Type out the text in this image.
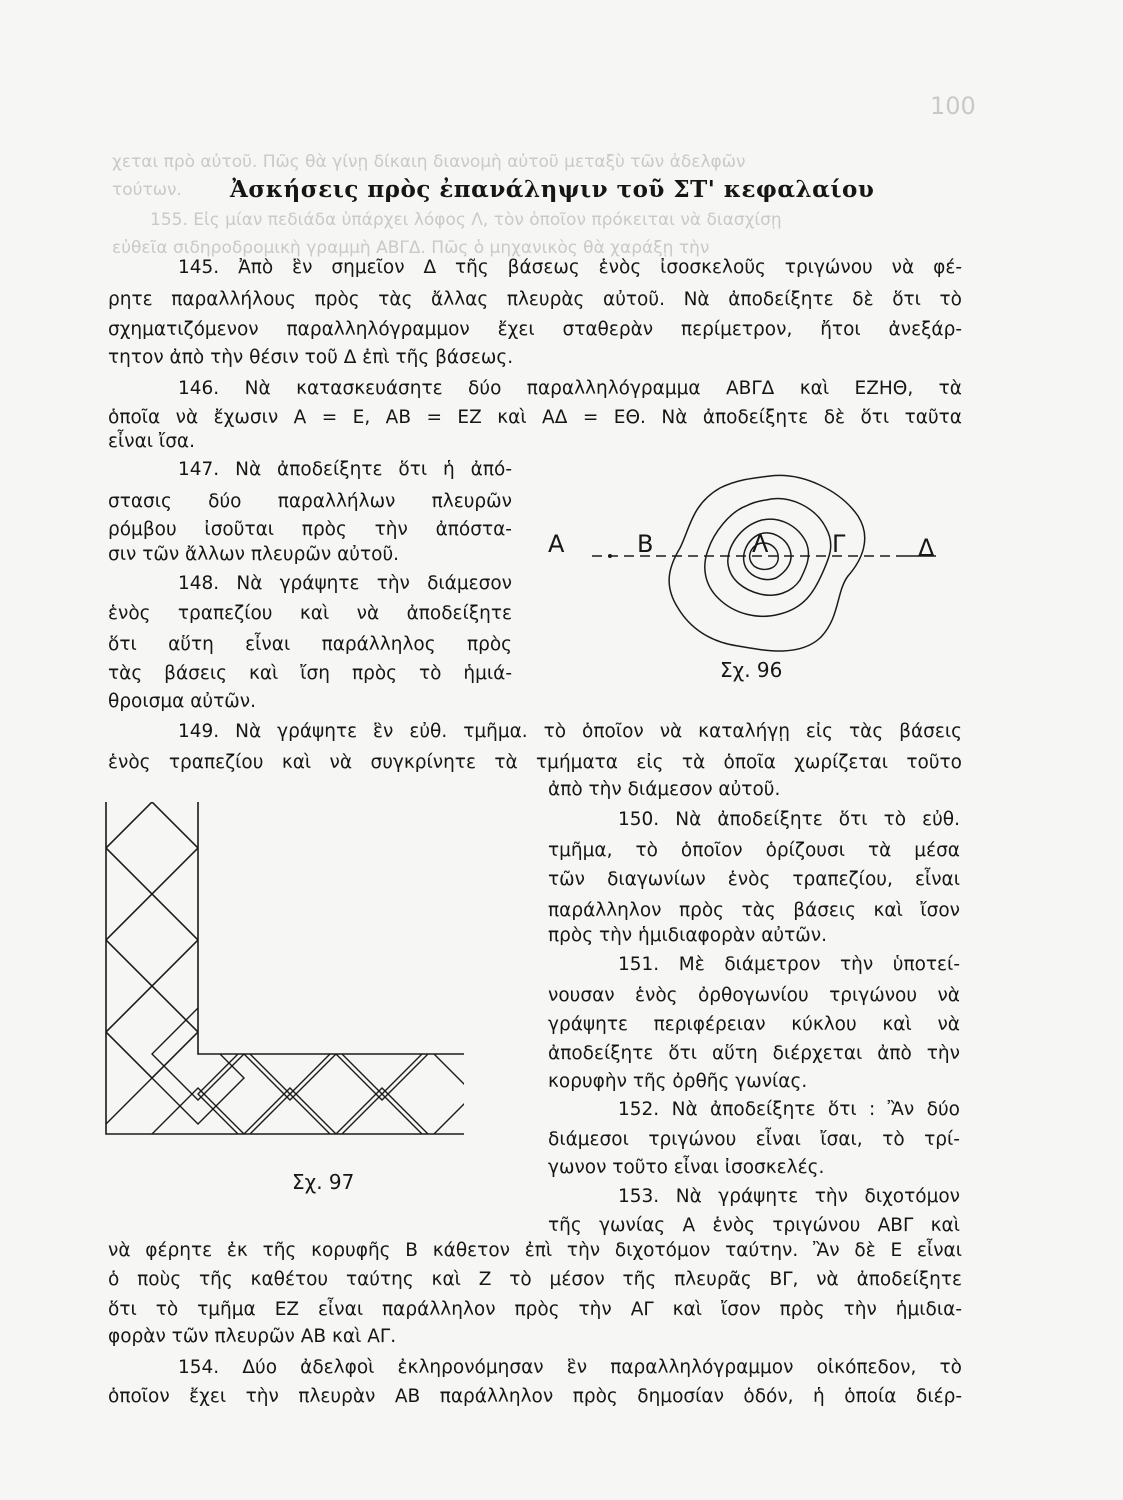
100
χεται πρὸ αὐτοῦ. Πῶς θὰ γίνῃ δίκαιη διανομὴ αὐτοῦ μεταξὺ τῶν ἀδελφῶν
τούτων.
155. Εἰς μίαν πεδιάδα ὑπάρχει λόφος Λ, τὸν ὁποῖον πρόκειται νὰ διασχίσῃ
εὐθεῖα σιδηροδρομικὴ γραμμὴ ΑΒΓΔ. Πῶς ὁ μηχανικὸς θὰ χαράξῃ τὴν
Ἀσκήσεις πρὸς ἐπανάληψιν τοῦ ΣΤ' κεφαλαίου
145. Ἀπὸ ἓν σημεῖον Δ τῆς βάσεως ἑνὸς ἰσοσκελοῦς τριγώνου νὰ φέ-
ρητε παραλλήλους πρὸς τὰς ἄλλας πλευρὰς αὐτοῦ. Νὰ ἀποδείξητε δὲ ὅτι τὸ
σχηματιζόμενον παραλληλόγραμμον ἔχει σταθερὰν περίμετρον, ἤτοι ἀνεξάρ-
τητον ἀπὸ τὴν θέσιν τοῦ Δ ἐπὶ τῆς βάσεως.
146. Νὰ κατασκευάσητε δύο παραλληλόγραμμα ΑΒΓΔ καὶ ΕΖΗΘ, τὰ
ὁποῖα νὰ ἔχωσιν Α = Ε, ΑΒ = ΕΖ καὶ ΑΔ = ΕΘ. Νὰ ἀποδείξητε δὲ ὅτι ταῦτα
εἶναι ἴσα.
147. Νὰ ἀποδείξητε ὅτι ἡ ἀπό-
στασις δύο παραλλήλων πλευρῶν
ρόμβου ἰσοῦται πρὸς τὴν ἀπόστα-
σιν τῶν ἄλλων πλευρῶν αὐτοῦ.
148. Νὰ γράψητε τὴν διάμεσον
ἑνὸς τραπεζίου καὶ νὰ ἀποδείξητε
ὅτι αὕτη εἶναι παράλληλος πρὸς
τὰς βάσεις καὶ ἴση πρὸς τὸ ἡμιά-
θροισμα αὐτῶν.
Α	Β	Λ	Γ	Δ
Σχ. 96
149. Νὰ γράψητε ἓν εὐθ. τμῆμα. τὸ ὁποῖον νὰ καταλήγῃ εἰς τὰς βάσεις
ἑνὸς τραπεζίου καὶ νὰ συγκρίνητε τὰ τμήματα εἰς τὰ ὁποῖα χωρίζεται τοῦτο
ἀπὸ τὴν διάμεσον αὐτοῦ.
Σχ. 97
150. Νὰ ἀποδείξητε ὅτι τὸ εὐθ.
τμῆμα, τὸ ὁποῖον ὁρίζουσι τὰ μέσα
τῶν διαγωνίων ἑνὸς τραπεζίου, εἶναι
παράλληλον πρὸς τὰς βάσεις καὶ ἴσον
πρὸς τὴν ἡμιδιαφορὰν αὐτῶν.
151. Μὲ διάμετρον τὴν ὑποτεί-
νουσαν ἑνὸς ὀρθογωνίου τριγώνου νὰ
γράψητε περιφέρειαν κύκλου καὶ νὰ
ἀποδείξητε ὅτι αὕτη διέρχεται ἀπὸ τὴν
κορυφὴν τῆς ὀρθῆς γωνίας.
152. Νὰ ἀποδείξητε ὅτι : Ἂν δύο
διάμεσοι τριγώνου εἶναι ἴσαι, τὸ τρί-
γωνον τοῦτο εἶναι ἰσοσκελές.
153. Νὰ γράψητε τὴν διχοτόμον
τῆς γωνίας Α ἑνὸς τριγώνου ΑΒΓ καὶ
νὰ φέρητε ἐκ τῆς κορυφῆς Β κάθετον ἐπὶ τὴν διχοτόμον ταύτην. Ἂν δὲ Ε εἶναι
ὁ ποὺς τῆς καθέτου ταύτης καὶ Ζ τὸ μέσον τῆς πλευρᾶς ΒΓ, νὰ ἀποδείξητε
ὅτι τὸ τμῆμα ΕΖ εἶναι παράλληλον πρὸς τὴν ΑΓ καὶ ἴσον πρὸς τὴν ἡμιδια-
φορὰν τῶν πλευρῶν ΑΒ καὶ ΑΓ.
154. Δύο ἀδελφοὶ ἐκληρονόμησαν ἓν παραλληλόγραμμον οἰκόπεδον, τὸ
ὁποῖον ἔχει τὴν πλευρὰν ΑΒ παράλληλον πρὸς δημοσίαν ὁδόν, ἡ ὁποία διέρ-
